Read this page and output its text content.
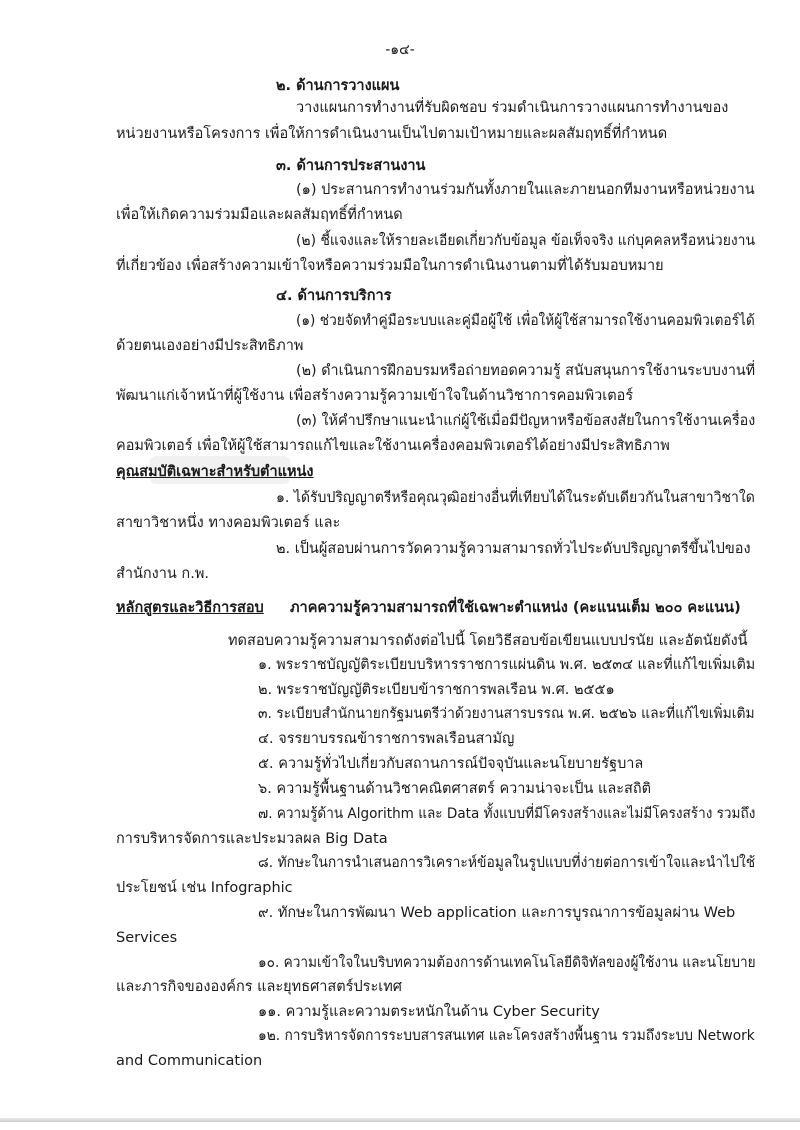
-๑๔-
๒. ด้านการวางแผน
วางแผนการทำงานที่รับผิดชอบ ร่วมดำเนินการวางแผนการทำงานของ
หน่วยงานหรือโครงการ เพื่อให้การดำเนินงานเป็นไปตามเป้าหมายและผลสัมฤทธิ์ที่กำหนด
๓. ด้านการประสานงาน
(๑) ประสานการทำงานร่วมกันทั้งภายในและภายนอกทีมงานหรือหน่วยงาน
เพื่อให้เกิดความร่วมมือและผลสัมฤทธิ์ที่กำหนด
(๒) ชี้แจงและให้รายละเอียดเกี่ยวกับข้อมูล ข้อเท็จจริง แก่บุคคลหรือหน่วยงาน
ที่เกี่ยวข้อง เพื่อสร้างความเข้าใจหรือความร่วมมือในการดำเนินงานตามที่ได้รับมอบหมาย
๔. ด้านการบริการ
(๑) ช่วยจัดทำคู่มือระบบและคู่มือผู้ใช้ เพื่อให้ผู้ใช้สามารถใช้งานคอมพิวเตอร์ได้
ด้วยตนเองอย่างมีประสิทธิภาพ
(๒) ดำเนินการฝึกอบรมหรือถ่ายทอดความรู้ สนับสนุนการใช้งานระบบงานที่
พัฒนาแก่เจ้าหน้าที่ผู้ใช้งาน เพื่อสร้างความรู้ความเข้าใจในด้านวิชาการคอมพิวเตอร์
(๓) ให้คำปรึกษาแนะนำแก่ผู้ใช้เมื่อมีปัญหาหรือข้อสงสัยในการใช้งานเครื่อง
คอมพิวเตอร์ เพื่อให้ผู้ใช้สามารถแก้ไขและใช้งานเครื่องคอมพิวเตอร์ได้อย่างมีประสิทธิภาพ
คุณสมบัติเฉพาะสำหรับตำแหน่ง
๑. ได้รับปริญญาตรีหรือคุณวุฒิอย่างอื่นที่เทียบได้ในระดับเดียวกันในสาขาวิชาใด
สาขาวิชาหนึ่ง ทางคอมพิวเตอร์ และ
๒. เป็นผู้สอบผ่านการวัดความรู้ความสามารถทั่วไประดับปริญญาตรีขึ้นไปของ
สำนักงาน ก.พ.
หลักสูตรและวิธีการสอบ ภาคความรู้ความสามารถที่ใช้เฉพาะตำแหน่ง (คะแนนเต็ม ๒๐๐ คะแนน)
ทดสอบความรู้ความสามารถดังต่อไปนี้ โดยวิธีสอบข้อเขียนแบบปรนัย และอัตนัยดังนี้
๑. พระราชบัญญัติระเบียบบริหารราชการแผ่นดิน พ.ศ. ๒๕๓๔ และที่แก้ไขเพิ่มเติม
๒. พระราชบัญญัติระเบียบข้าราชการพลเรือน พ.ศ. ๒๕๕๑
๓. ระเบียบสำนักนายกรัฐมนตรีว่าด้วยงานสารบรรณ พ.ศ. ๒๕๒๖ และที่แก้ไขเพิ่มเติม
๔. จรรยาบรรณข้าราชการพลเรือนสามัญ
๕. ความรู้ทั่วไปเกี่ยวกับสถานการณ์ปัจจุบันและนโยบายรัฐบาล
๖. ความรู้พื้นฐานด้านวิชาคณิตศาสตร์ ความน่าจะเป็น และสถิติ
๗. ความรู้ด้าน Algorithm และ Data ทั้งแบบที่มีโครงสร้างและไม่มีโครงสร้าง รวมถึง
การบริหารจัดการและประมวลผล Big Data
๘. ทักษะในการนำเสนอการวิเคราะห์ข้อมูลในรูปแบบที่ง่ายต่อการเข้าใจและนำไปใช้
ประโยชน์ เช่น Infographic
๙. ทักษะในการพัฒนา Web application และการบูรณาการข้อมูลผ่าน Web
Services
๑๐. ความเข้าใจในบริบทความต้องการด้านเทคโนโลยีดิจิทัลของผู้ใช้งาน และนโยบาย
และภารกิจขององค์กร และยุทธศาสตร์ประเทศ
๑๑. ความรู้และความตระหนักในด้าน Cyber Security
๑๒. การบริหารจัดการระบบสารสนเทศ และโครงสร้างพื้นฐาน รวมถึงระบบ Network
and Communication
